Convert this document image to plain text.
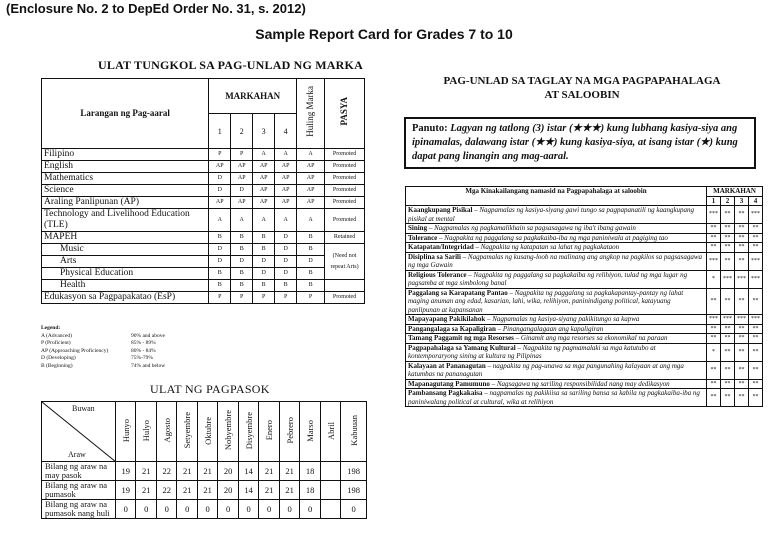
(Enclosure No. 2 to DepEd Order No. 31, s. 2012)
Sample Report Card for Grades 7 to 10
ULAT TUNGKOL SA PAG-UNLAD NG MARKA
PAG-UNLAD SA TAGLAY NA MGA PAGPAPAHALAGA
AT SALOOBIN
Larangan ng Pag-aaral	MARKAHAN				Huling Marka	PASYA
	1	2	3	4		
Filipino	P	P	A	A	A	Promoted
English	AP	AP	AP	AP	AP	Promoted
Mathematics	D	AP	AP	AP	AP	Promoted
Science	D	D	AP	AP	AP	Promoted
Araling Panlipunan (AP)	AP	AP	AP	AP	AP	Promoted
Technology and Livelihood Education (TLE)	A	A	A	A	A	Promoted
MAPEH	B	B	B	D	B	Retained
Music	D	B	B	D	B	(Need not repeat Arts)
Arts	D	D	D	D	D	
Physical Education	B	B	D	D	B	
Health	B	B	B	B	B	
Edukasyon sa Pagpapakatao (EsP)	P	P	P	P	P	Promoted
Legend:
A (Advanced)	90% and above
P (Proficient)	85% - 89%
AP (Approaching Proficiency)	80% - 84%
D (Developing)	75%-79%
B (Beginning)	74% and below
ULAT NG PAGPASOK
Buwan
Araw	Hunyo	Hulyo	Agosto	Setyembre	Oktubre	Nobyembre	Disyembre	Enero	Pebrero	Marso	Abril	Kabuuan
Bilang ng araw na may pasok	19	21	22	21	21	20	14	21	21	18		198
Bilang ng araw na pumasok	19	21	22	21	21	20	14	21	21	18		198
Bilang ng araw na pumasok nang huli	0	0	0	0	0	0	0	0	0	0		0
Panuto: Lagyan ng tatlong (3) istar (★★★) kung lubhang kasiya-siya ang ipinamalas, dalawang istar (★★) kung kasiya-siya, at isang istar (★) kung dapat pang linangin ang mag-aaral.
Mga Kinakailangang namasid na Pagpapahalaga at saloobin	MARKAHAN			
	1	2	3	4
Kaangkupang Pisikal – Nagpamalas ng kasiya-siyang gawi tungo sa pagpapanatili ng kaangkupang pisikal at mental	***	**	**	***
Sining – Nagpamalas ng pagkamalikhain sa pagsasagawa ng iba't ibang gawain	**	**	**	**
Tolerance – Nagpakita ng paggalang sa pagkakaiba-iba ng mga paniniwala at pagiging tao	**	**	**	**
Katapatan/Integridad – Nagpakita ng katapatan sa lahat ng pagkakataon	**	**	**	**
Disiplina sa Sarili – Nagpamalas ng kusang-loob na malinang ang angkop na pagkilos sa pagsasagawa ng mga Gawain	***	**	**	***
Religious Tolerance – Nagpakita ng paggalang sa pagkakaiba ng relihiyon, tulad ng mga lugar ng pagsamba at mga simbolong banal	*	***	***	***
Paggalang sa Karapatang Pantao – Nagpakita ng paggalang sa pagkakapantay-pantay ng lahat maging anuman ang edad, kasarian, lahi, wika, relihiyon, paninindigang political, katayuang panlipunan at kapansanan	**	**	**	**
Mapayapang Pakikilahok – Nagpamalas ng kasiya-siyang pakikitungo sa kapwa	***	***	***	***
Pangangalaga sa Kapaligiran – Pinangangalagaan ang kapaligiran	**	**	**	**
Tamang Paggamit ng mga Resorses – Ginamit ang mga resorses sa ekonomikal na paraan	**	**	**	**
Pagpapahalaga sa Yamang Kultural – Nagpakita ng pagmamalaki sa mga katutubo at kontemporaryong sining at kultura ng Pilipinas	*	**	**	**
Kalayaan at Pananagutan – nagpakita ng pag-unawa sa mga pangunahing kalayaan at ang mga katumbas na pananagutan	**	**	**	**
Mapanagutang Pamumuno – Nagsagawa ng sariling responsibilidad nang may dedikasyon	**	**	**	**
Pambansang Pagkakaisa – nagpamalas ng pakikiisa sa sariling bansa sa kabila ng pagkakaiba-iba ng paniniwalang political at cultural, wika at relihiyon	**	**	**	**
